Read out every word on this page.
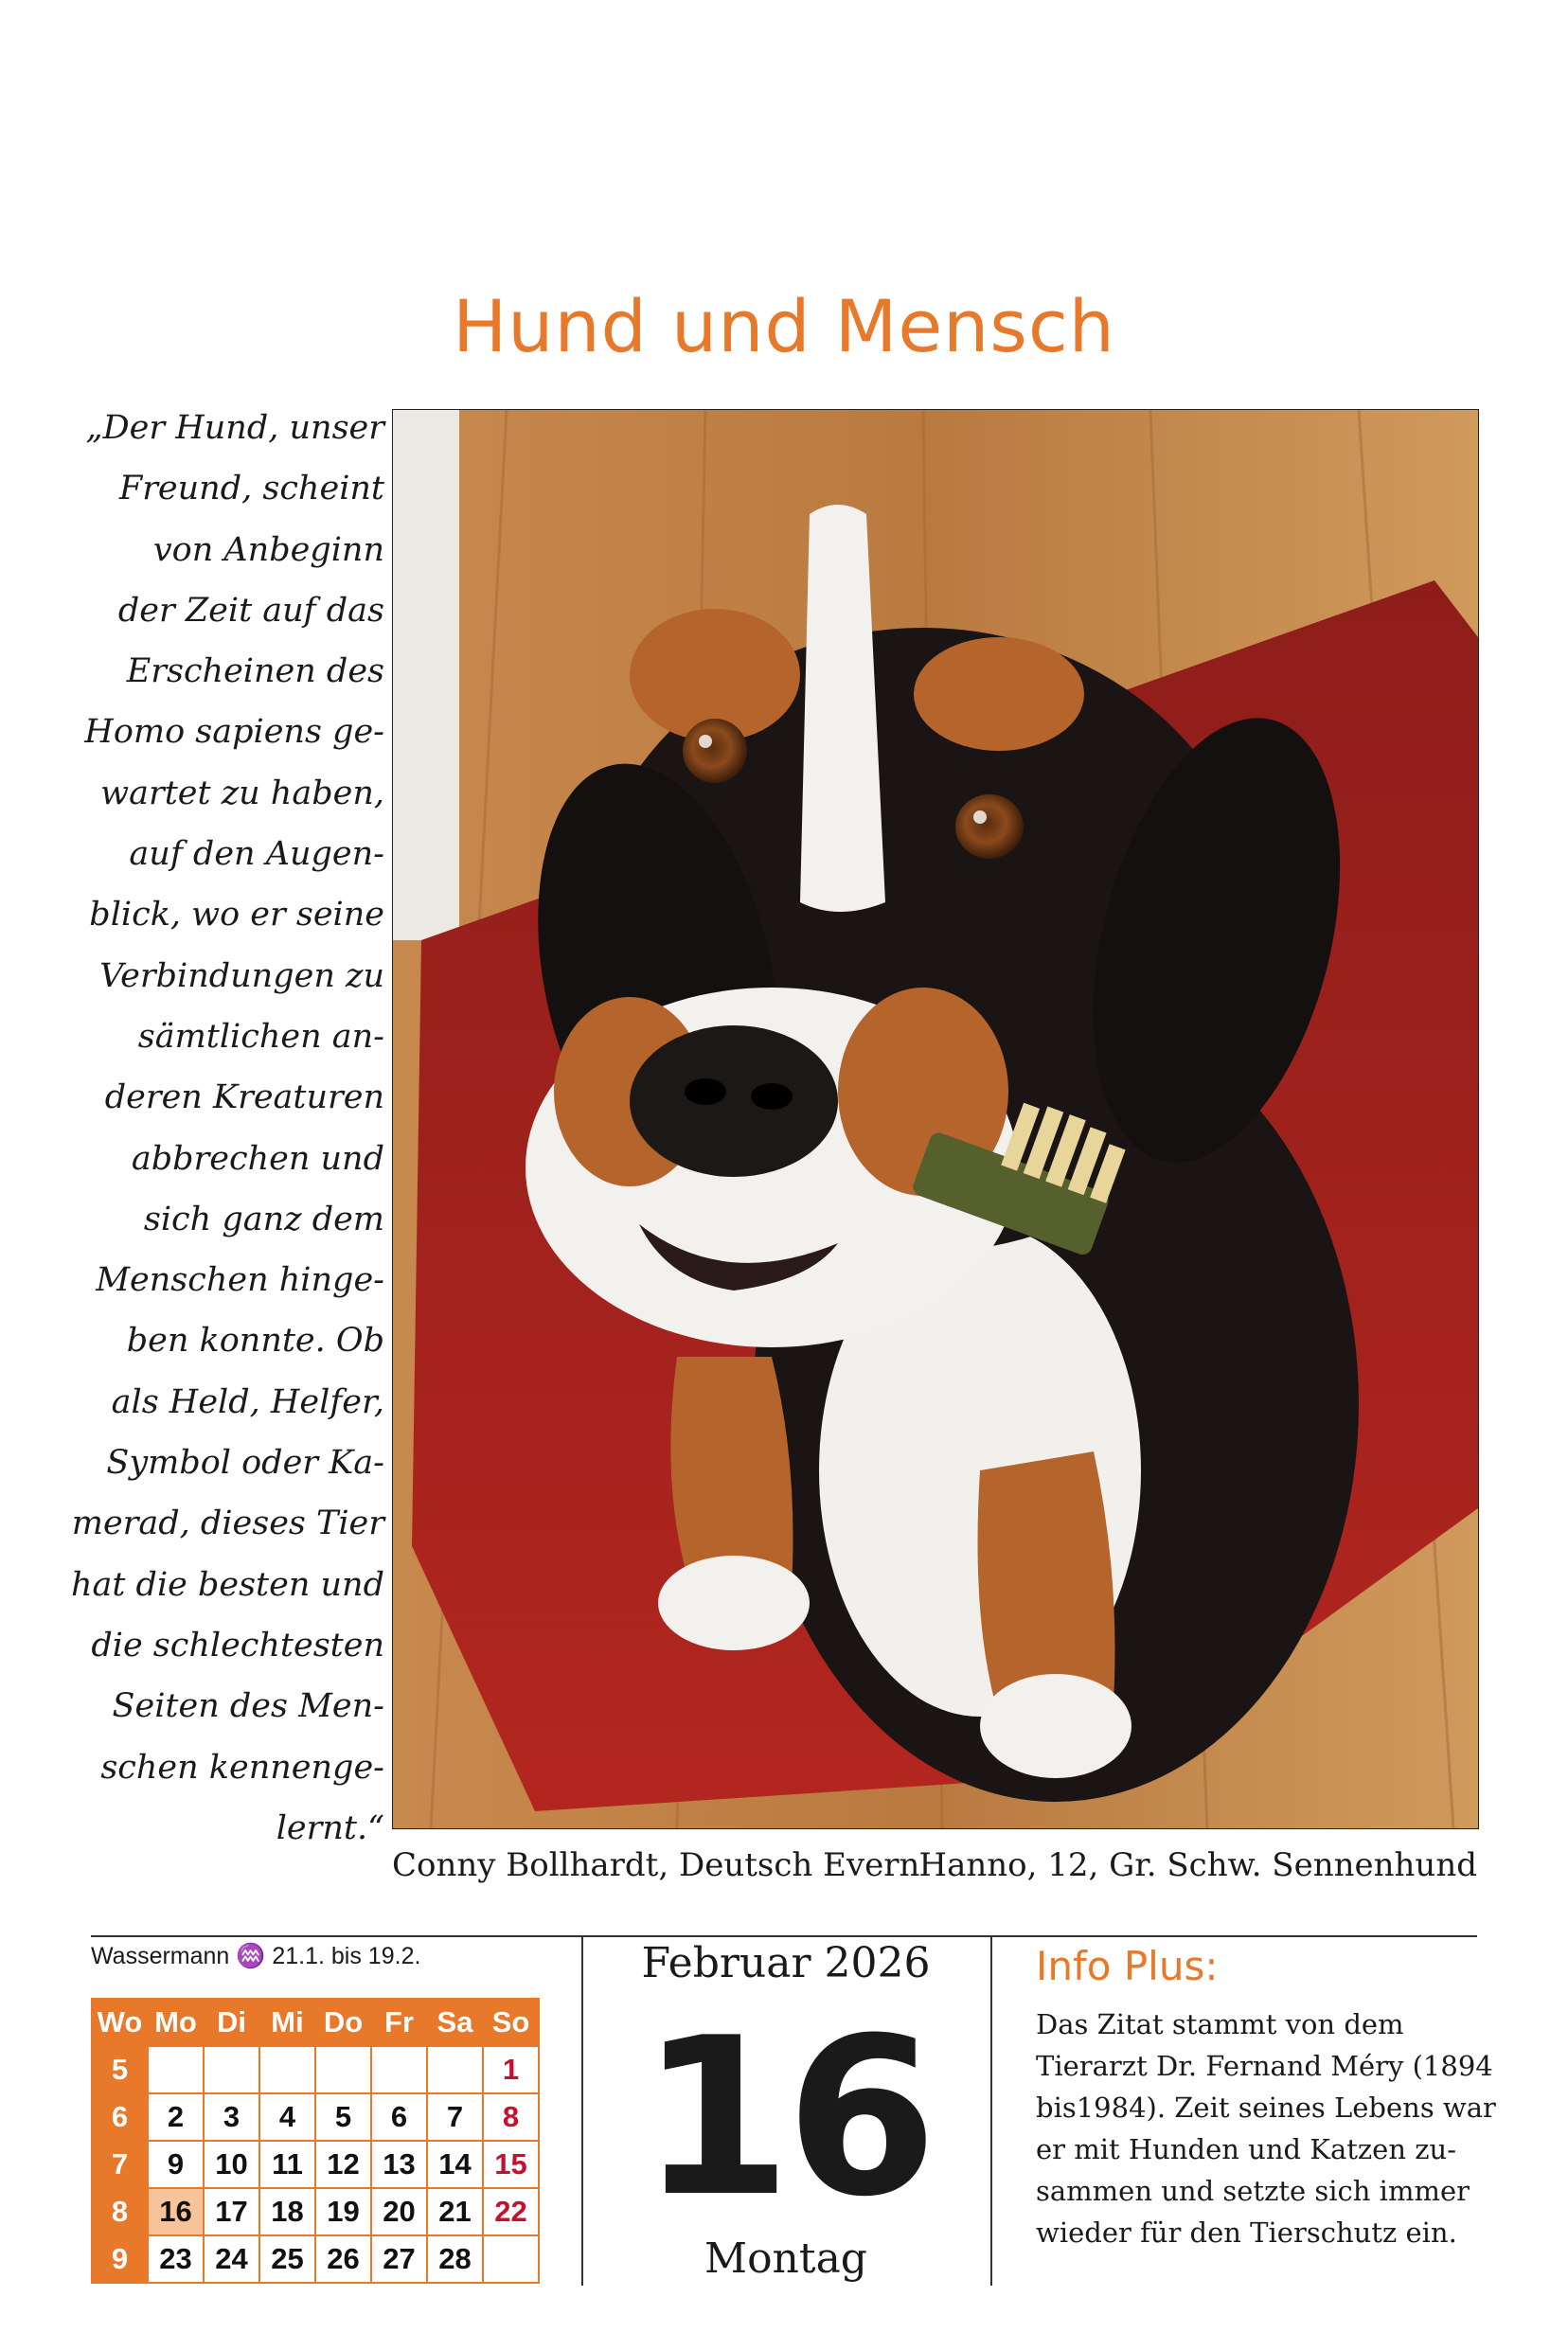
Hund und Mensch
„Der Hund, unser
Freund, scheint
von Anbeginn
der Zeit auf das
Erscheinen des
Homo sapiens ge-
wartet zu haben,
auf den Augen-
blick, wo er seine
Verbindungen zu
sämtlichen an-
deren Kreaturen
abbrechen und
sich ganz dem
Menschen hinge-
ben konnte. Ob
als Held, Helfer,
Symbol oder Ka-
merad, dieses Tier
hat die besten und
die schlechtesten
Seiten des Men-
schen kennenge-
lernt.“
Conny Bollhardt, Deutsch Evern Hanno, 12, Gr. Schw. Sennenhund
Wassermann ♒ 21.1. bis 19.2.
Wo	Mo	Di	Mi	Do	Fr	Sa	So
5							1
6	2	3	4	5	6	7	8
7	9	10	11	12	13	14	15
8	16	17	18	19	20	21	22
9	23	24	25	26	27	28	
Februar 2026
16
Montag
Info Plus:
Das Zitat stammt von dem
Tierarzt Dr. Fernand Méry (1894
bis1984). Zeit seines Lebens war
er mit Hunden und Katzen zu-
sammen und setzte sich immer
wieder für den Tierschutz ein.
